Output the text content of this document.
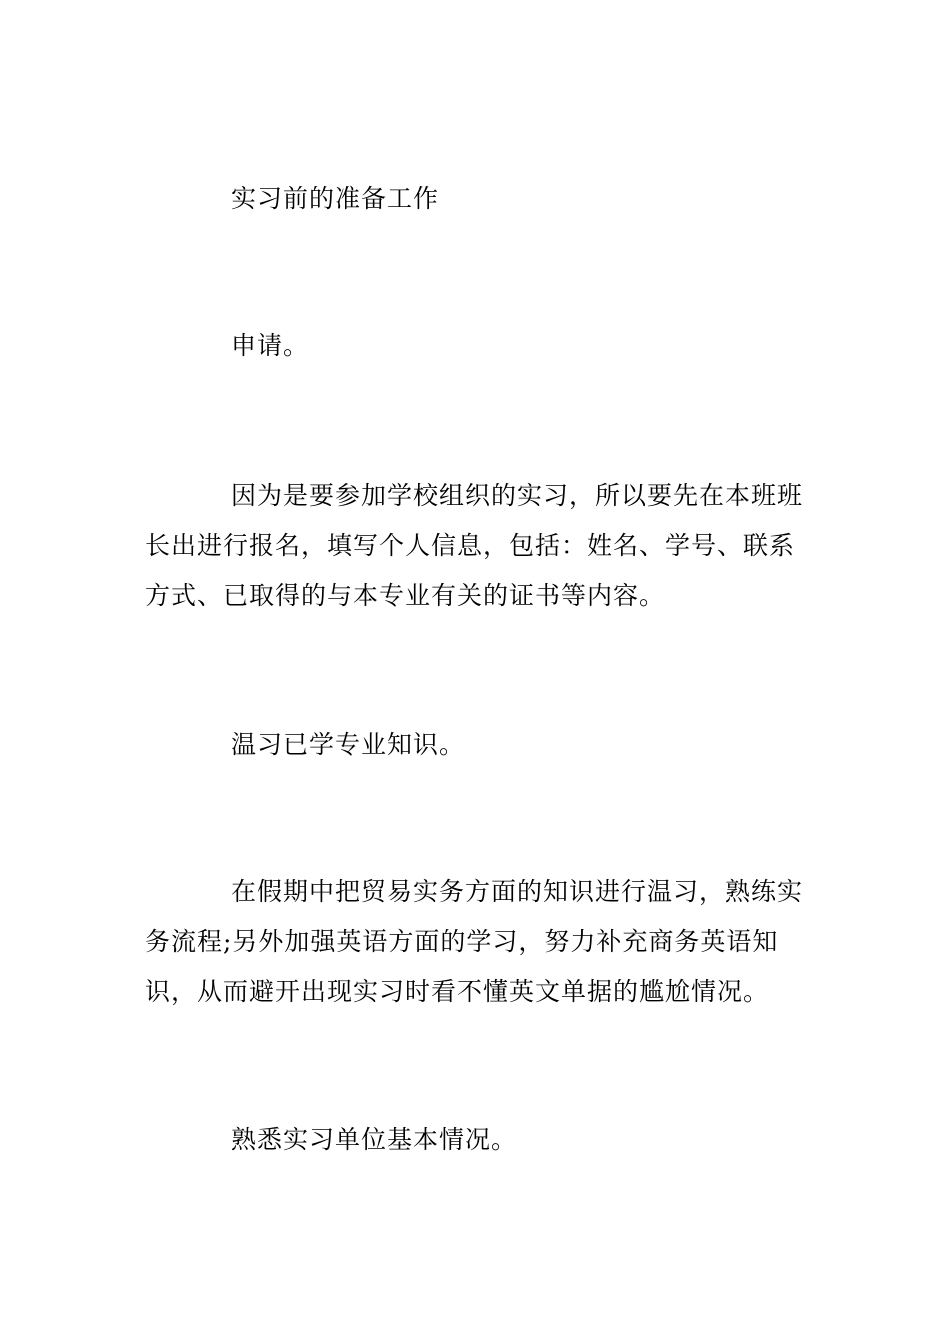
实习前的准备工作

申请。

因为是要参加学校组织的实习，所以要先在本班班长出进行报名，填写个人信息，包括：姓名、学号、联系方式、已取得的与本专业有关的证书等内容。

温习已学专业知识。

在假期中把贸易实务方面的知识进行温习，熟练实务流程;另外加强英语方面的学习，努力补充商务英语知识，从而避开出现实习时看不懂英文单据的尴尬情况。

熟悉实习单位基本情况。
